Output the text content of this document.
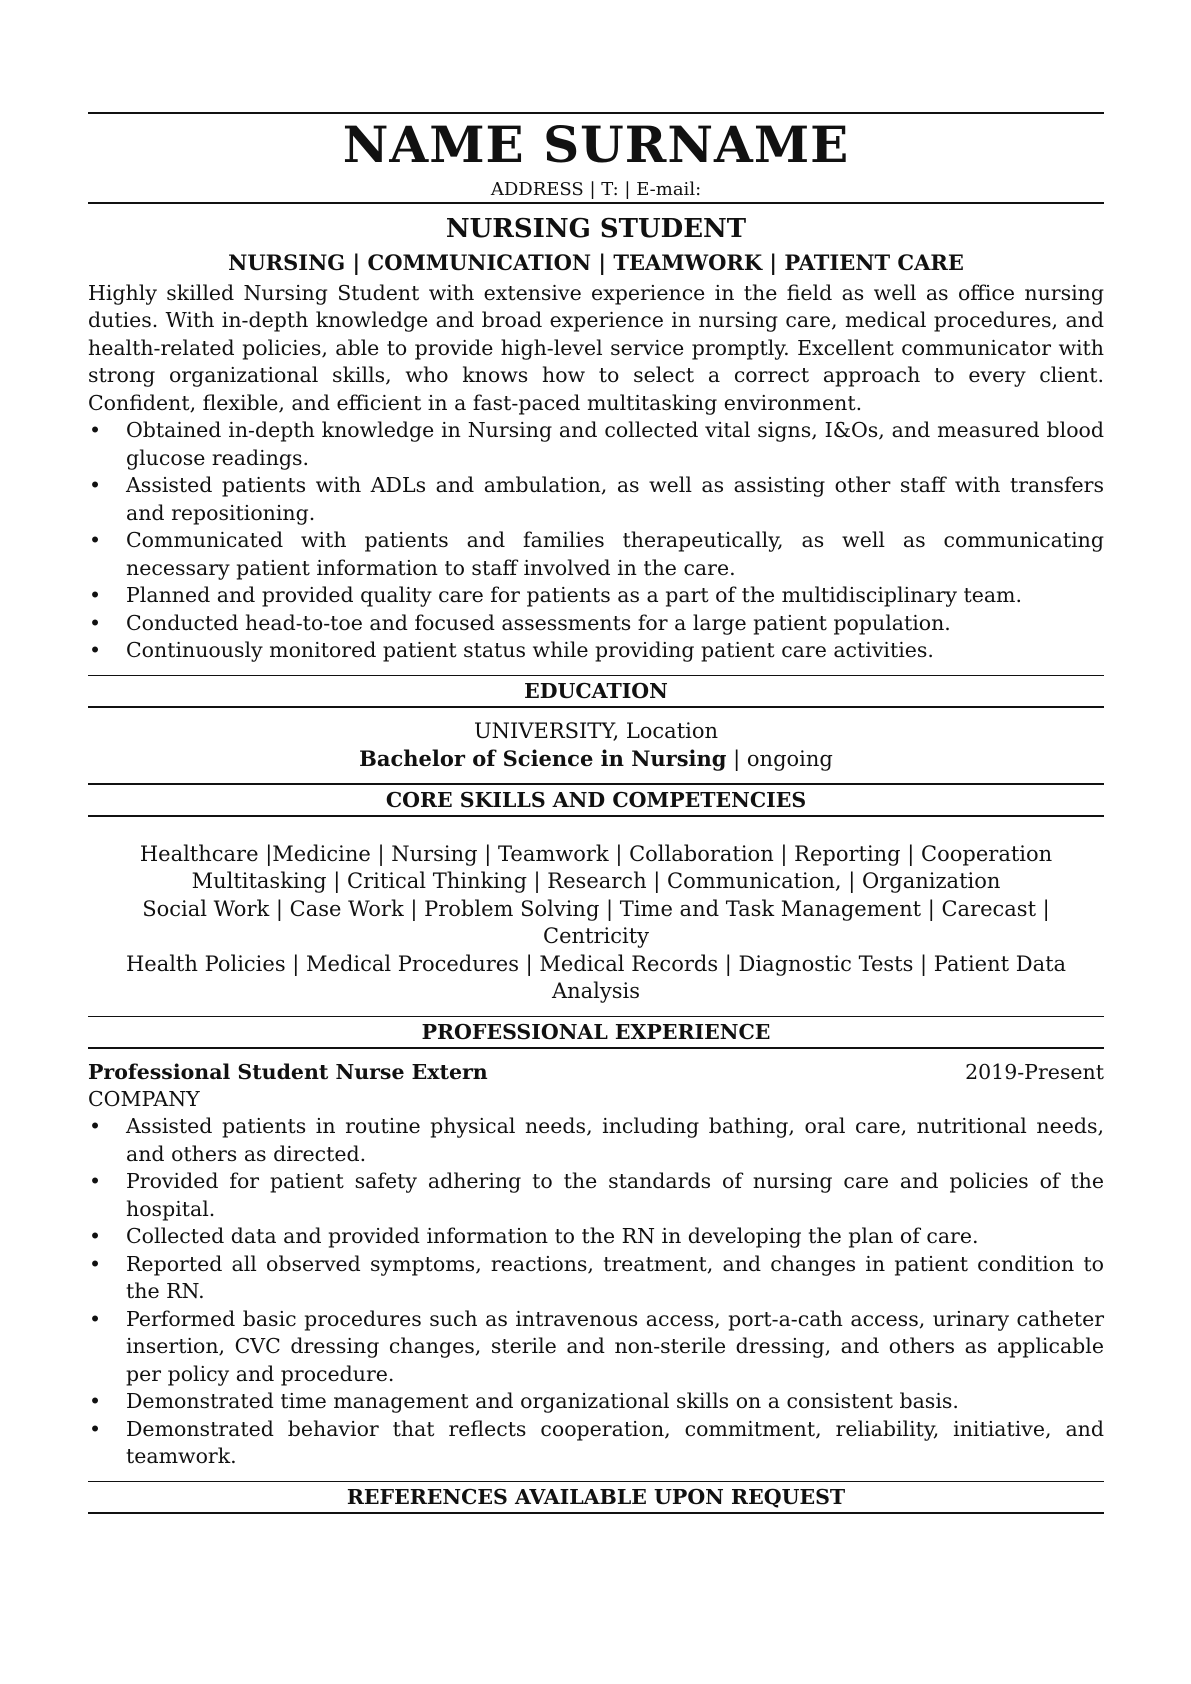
NAME SURNAME
ADDRESS | T: | E-mail:
NURSING STUDENT
NURSING | COMMUNICATION | TEAMWORK | PATIENT CARE
Highly skilled Nursing Student with extensive experience in the field as well as office nursing duties. With in-depth knowledge and broad experience in nursing care, medical procedures, and health-related policies, able to provide high-level service promptly. Excellent communicator with strong organizational skills, who knows how to select a correct approach to every client. Confident, flexible, and efficient in a fast-paced multitasking environment.
• Obtained in-depth knowledge in Nursing and collected vital signs, I&Os, and measured blood glucose readings.
• Assisted patients with ADLs and ambulation, as well as assisting other staff with transfers and repositioning.
• Communicated with patients and families therapeutically, as well as communicating necessary patient information to staff involved in the care.
• Planned and provided quality care for patients as a part of the multidisciplinary team.
• Conducted head-to-toe and focused assessments for a large patient population.
• Continuously monitored patient status while providing patient care activities.
EDUCATION
UNIVERSITY, Location
Bachelor of Science in Nursing | ongoing
CORE SKILLS AND COMPETENCIES
Healthcare |Medicine | Nursing | Teamwork | Collaboration | Reporting | Cooperation
Multitasking | Critical Thinking | Research | Communication, | Organization
Social Work | Case Work | Problem Solving | Time and Task Management | Carecast | Centricity
Health Policies | Medical Procedures | Medical Records | Diagnostic Tests | Patient Data Analysis
PROFESSIONAL EXPERIENCE
Professional Student Nurse Extern	2019-Present
COMPANY
• Assisted patients in routine physical needs, including bathing, oral care, nutritional needs, and others as directed.
• Provided for patient safety adhering to the standards of nursing care and policies of the hospital.
• Collected data and provided information to the RN in developing the plan of care.
• Reported all observed symptoms, reactions, treatment, and changes in patient condition to the RN.
• Performed basic procedures such as intravenous access, port-a-cath access, urinary catheter insertion, CVC dressing changes, sterile and non-sterile dressing, and others as applicable per policy and procedure.
• Demonstrated time management and organizational skills on a consistent basis.
• Demonstrated behavior that reflects cooperation, commitment, reliability, initiative, and teamwork.
REFERENCES AVAILABLE UPON REQUEST
